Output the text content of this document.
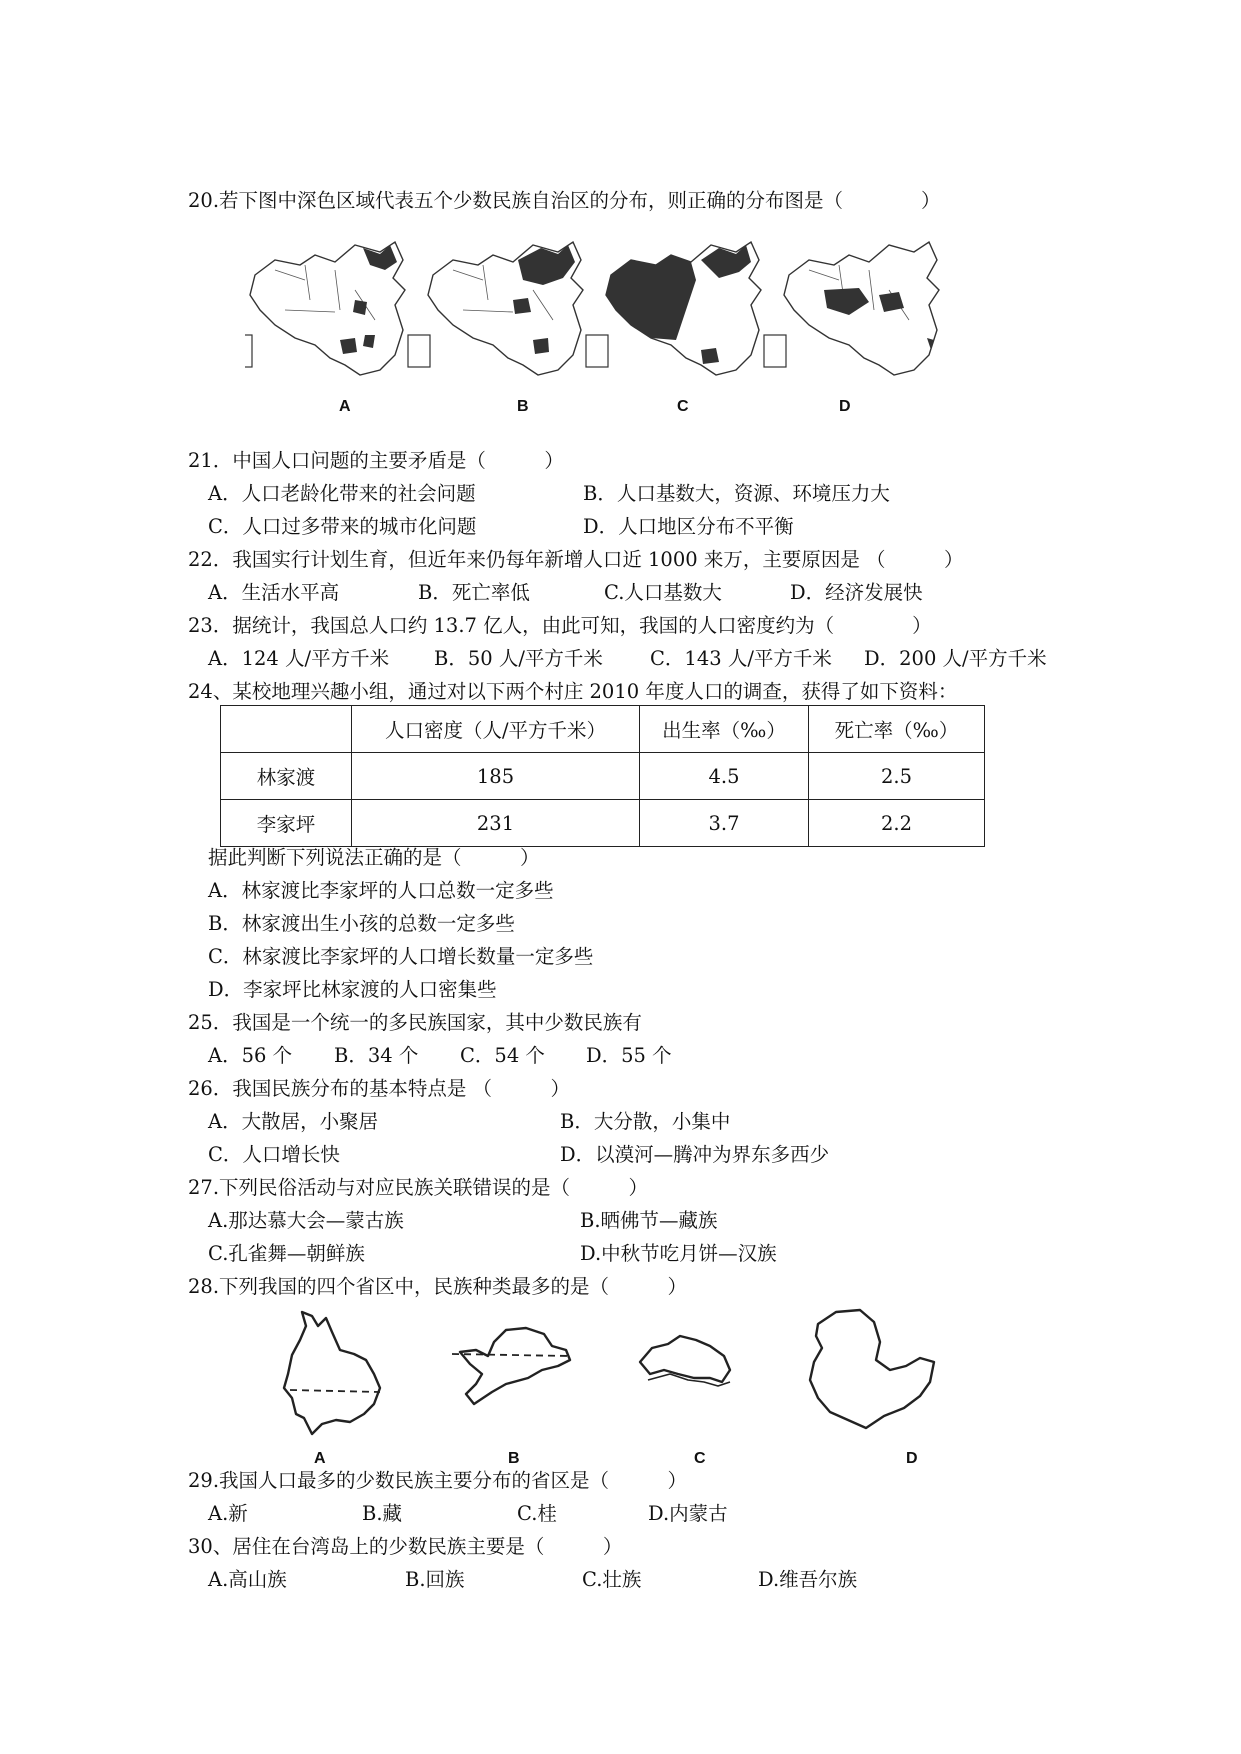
20.若下图中深色区域代表五个少数民族自治区的分布，则正确的分布图是（　　　　）
A	B	C	D
21．中国人口问题的主要矛盾是（　　　）
A．人口老龄化带来的社会问题	B．人口基数大，资源、环境压力大
C．人口过多带来的城市化问题	D．人口地区分布不平衡
22．我国实行计划生育，但近年来仍每年新增人口近 1000 来万，主要原因是 （　　　）
A．生活水平高	B．死亡率低	C.人口基数大	D．经济发展快
23．据统计，我国总人口约 13.7 亿人，由此可知，我国的人口密度约为（　　　　）
A．124 人/平方千米 B．50 人/平方千米 C．143 人/平方千米 D．200 人/平方千米
24、某校地理兴趣小组，通过对以下两个村庄 2010 年度人口的调查，获得了如下资料：
	人口密度（人/平方千米）	出生率（‰）	死亡率（‰）
林家渡	185	4.5	2.5
李家坪	231	3.7	2.2
据此判断下列说法正确的是（　　　）
A．林家渡比李家坪的人口总数一定多些
B．林家渡出生小孩的总数一定多些
C．林家渡比李家坪的人口增长数量一定多些
D．李家坪比林家渡的人口密集些
25．我国是一个统一的多民族国家，其中少数民族有
A．56 个 B．34 个 C．54 个 D．55 个
26．我国民族分布的基本特点是 （　　　）
A．大散居，小聚居	B．大分散，小集中
C．人口增长快	D．以漠河—腾冲为界东多西少
27.下列民俗活动与对应民族关联错误的是（　　　）
A.那达慕大会—蒙古族	B.晒佛节—藏族
C.孔雀舞—朝鲜族	D.中秋节吃月饼—汉族
28.下列我国的四个省区中，民族种类最多的是（　　　）
A	B	C	D
29.我国人口最多的少数民族主要分布的省区是（　　　）
A.新	B.藏	C.桂	D.内蒙古
30、居住在台湾岛上的少数民族主要是（　　　）
A.高山族	B.回族	C.壮族	D.维吾尔族
